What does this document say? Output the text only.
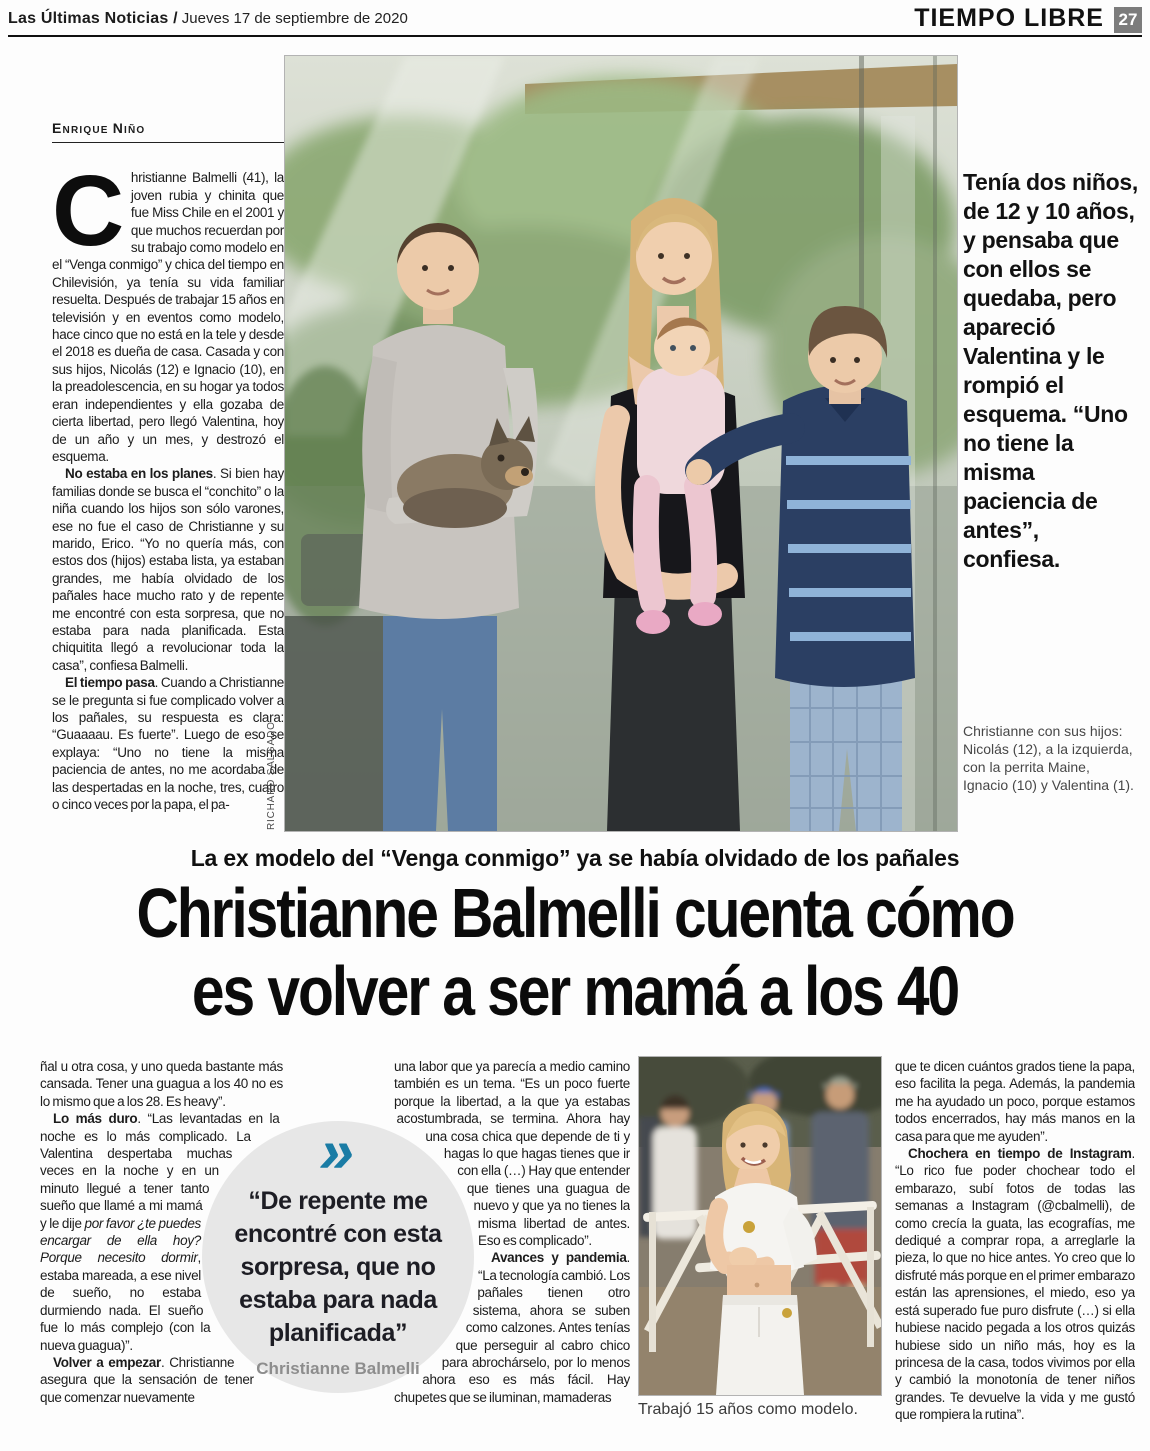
Las Últimas Noticias / Jueves 17 de septiembre de 2020	TIEMPO LIBRE 27
Enrique Niño

Christianne Balmelli (41), la joven rubia y chinita que fue Miss Chile en el 2001 y que muchos recuerdan por su trabajo como modelo en el “Venga conmigo” y chica del tiempo en Chilevisión, ya tenía su vida familiar resuelta. Después de trabajar 15 años en televisión y en eventos como modelo, hace cinco que no está en la tele y desde el 2018 es dueña de casa. Casada y con sus hijos, Nicolás (12) e Ignacio (10), en la preadolescencia, en su hogar ya todos eran independientes y ella gozaba de cierta libertad, pero llegó Valentina, hoy de un año y un mes, y destrozó el esquema.

No estaba en los planes. Si bien hay familias donde se busca el “conchito” o la niña cuando los hijos son sólo varones, ese no fue el caso de Christianne y su marido, Erico. “Yo no quería más, con estos dos (hijos) estaba lista, ya estaban grandes, me había olvidado de los pañales hace mucho rato y de repente me encontré con esta sorpresa, que no estaba para nada planificada. Esta chiquitita llegó a revolucionar toda la casa”, confiesa Balmelli.

El tiempo pasa. Cuando a Christianne se le pregunta si fue complicado volver a los pañales, su respuesta es clara: “Guaaaau. Es fuerte”. Luego de eso se explaya: “Uno no tiene la misma paciencia de antes, no me acordaba de las despertadas en la noche, tres, cuatro o cinco veces por la papa, el pa-	RICHARD SALGADO
Tenía dos niños, de 12 y 10 años, y pensaba que con ellos se quedaba, pero apareció Valentina y le rompió el esquema. “Uno no tiene la misma paciencia de antes”, confiesa.
Christianne con sus hijos: Nicolás (12), a la izquierda, con la perrita Maine, Ignacio (10) y Valentina (1).
La ex modelo del “Venga conmigo” ya se había olvidado de los pañales
Christianne Balmelli cuenta cómo
es volver a ser mamá a los 40

ñal u otra cosa, y uno queda bastante más cansada. Tener una guagua a los 40 no es lo mismo que a los 28. Es heavy”.

Lo más duro. “Las levantadas en la noche es lo más complicado. La Valentina despertaba muchas veces en la noche y en un minuto llegué a tener tanto sueño que llamé a mi mamá y le dije por favor ¿te puedes encargar de ella hoy? Porque necesito dormir, estaba mareada, a ese nivel de sueño, no estaba durmiendo nada. El sueño fue lo más complejo (con la nueva guagua)”.

Volver a empezar. Christianne asegura que la sensación de tener que comenzar nuevamente

»
“De repente me encontré con esta sorpresa, que no estaba para nada planificada”
Christianne Balmelli

una labor que ya parecía a medio camino también es un tema. “Es un poco fuerte porque la libertad, a la que ya estabas acostumbrada, se termina. Ahora hay una cosa chica que depende de ti y hagas lo que hagas tienes que ir con ella (…) Hay que entender que tienes una guagua de nuevo y que ya no tienes la misma libertad de antes. Eso es complicado”.

Avances y pandemia. “La tecnología cambió. Los pañales tienen otro sistema, ahora se suben como calzones. Antes tenías que perseguir al cabro chico para abrochárselo, por lo menos ahora eso es más fácil. Hay chupetes que se iluminan, mamaderas

Trabajó 15 años como modelo.

que te dicen cuántos grados tiene la papa, eso facilita la pega. Además, la pandemia me ha ayudado un poco, porque estamos todos encerrados, hay más manos en la casa para que me ayuden”.

Chochera en tiempo de Instagram. “Lo rico fue poder chochear todo el embarazo, subí fotos de todas las semanas a Instagram (@cbalmelli), de como crecía la guata, las ecografías, me dediqué a comprar ropa, a arreglarle la pieza, lo que no hice antes. Yo creo que lo disfruté más porque en el primer embarazo están las aprensiones, el miedo, eso ya está superado fue puro disfrute (…) si ella hubiese nacido pegada a los otros quizás hubiese sido un niño más, hoy es la princesa de la casa, todos vivimos por ella y cambió la monotonía de tener niños grandes. Te devuelve la vida y me gustó que rompiera la rutina”.
